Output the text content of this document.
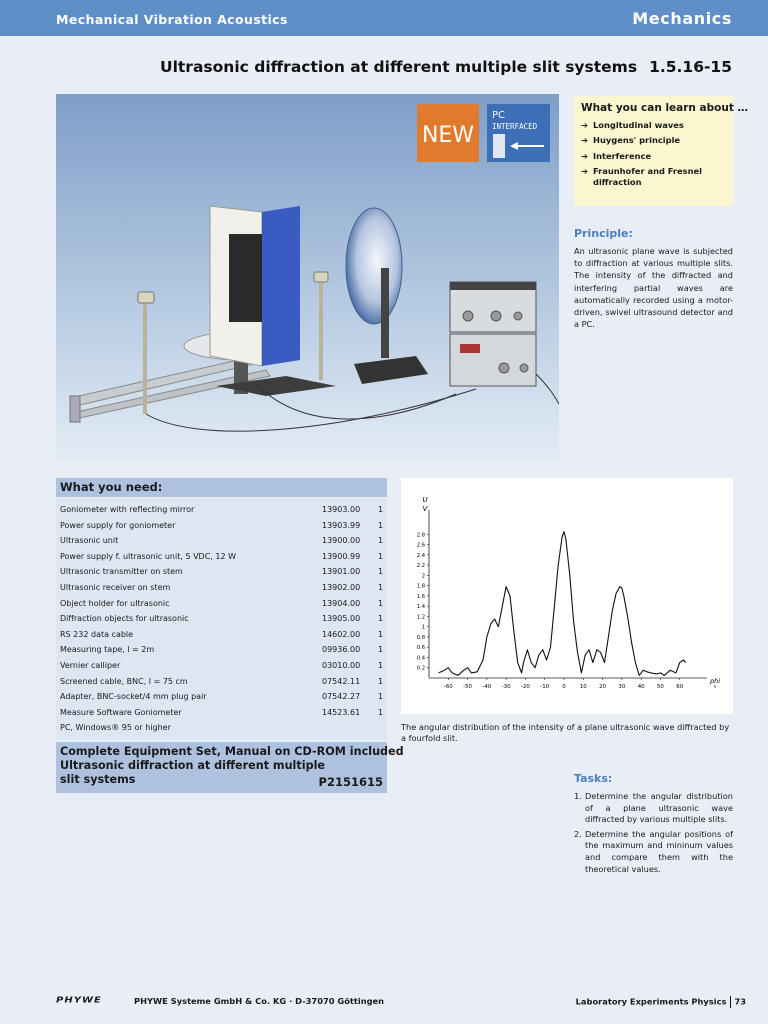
Mechanical Vibration Acoustics	Mechanics
Ultrasonic diffraction at different multiple slit systems 1.5.16-15
NEW
PC
INTERFACED
What you can learn about …
➔ Longitudinal waves
➔ Huygens' principle
➔ Interference
➔ Fraunhofer and Fresnel diffraction
Principle:
An ultrasonic plane wave is subjected to diffraction at various multiple slits. The intensity of the diffracted and interfering partial waves are automatically recorded using a motor-driven, swivel ultrasound detector and a PC.
What you need:
Goniometer with reflecting mirror	13903.00 1
Power supply for goniometer	13903.99 1
Ultrasonic unit	13900.00 1
Power supply f. ultrasonic unit, 5 VDC, 12 W	13900.99 1
Ultrasonic transmitter on stem	13901.00 1
Ultrasonic receiver on stem	13902.00 1
Object holder for ultrasonic	13904.00 1
Diffraction objects for ultrasonic	13905.00 1
RS 232 data cable	14602.00 1
Measuring tape, l = 2m	09936.00 1
Vernier calliper	03010.00 1
Screened cable, BNC, l = 75 cm	07542.11 1
Adapter, BNC-socket/4 mm plug pair	07542.27 1
Measure Software Goniometer	14523.61 1
PC, Windows® 95 or higher
Complete Equipment Set, Manual on CD-ROM included
Ultrasonic diffraction at different multiple
slit systems	P2151615
U
V
phi
°
0.2
0.4
0.6
0.8
1
1.2
1.4
1.6
1.8
2
2.2
2.4
2.6
2.8
-60 -50 -40 -30 -20 -10 0	10 20 30 40 50 60
The angular distribution of the intensity of a plane ultrasonic wave diffracted by a fourfold slit.
Tasks:
1. Determine the angular distribution of a plane ultrasonic wave diffracted by various multiple slits.
2. Determine the angular positions of the maximum and mininum values and compare them with the theoretical values.
PHYWE	PHYWE Systeme GmbH & Co. KG · D-37070 Göttingen	Laboratory Experiments Physics 73
